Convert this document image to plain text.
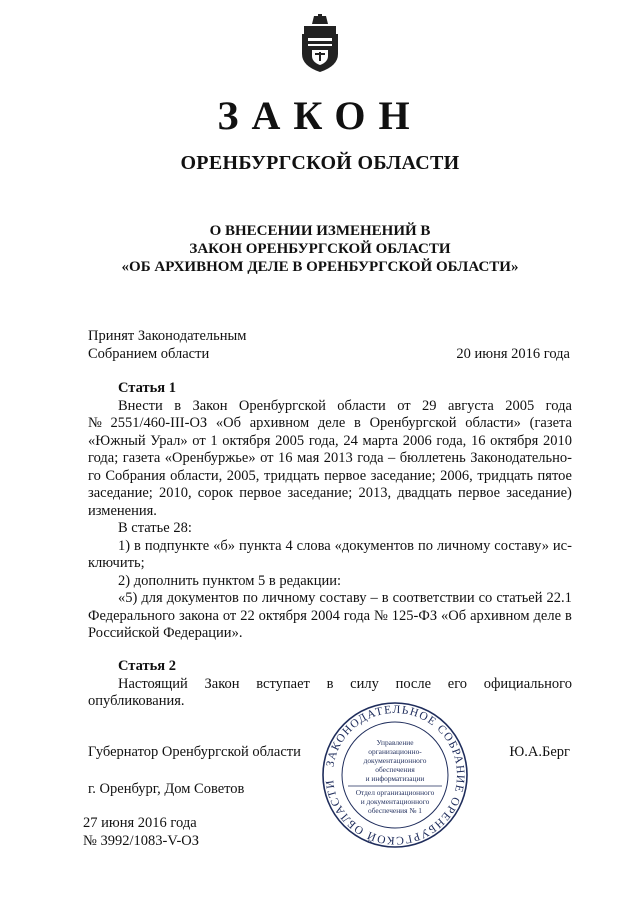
ЗАКОН
ОРЕНБУРГСКОЙ ОБЛАСТИ
О ВНЕСЕНИИ ИЗМЕНЕНИЙ В
ЗАКОН ОРЕНБУРГСКОЙ ОБЛАСТИ
«ОБ АРХИВНОМ ДЕЛЕ В ОРЕНБУРГСКОЙ ОБЛАСТИ»
Принят Законодательным
Собранием области	20 июня 2016 года
Статья 1
Внести в Закон Оренбургской области от 29 августа 2005 года
№ 2551/460-III-ОЗ «Об архивном деле в Оренбургской области» (газета
«Южный Урал» от 1 октября 2005 года, 24 марта 2006 года, 16 октября 2010
года; газета «Оренбуржье» от 16 мая 2013 года – бюллетень Законодательно-
го Собрания области, 2005, тридцать первое заседание; 2006, тридцать пятое
заседание; 2010, сорок первое заседание; 2013, двадцать первое заседание)
изменения.
В статье 28:
1) в подпункте «б» пункта 4 слова «документов по личному составу» ис-
ключить;
2) дополнить пунктом 5 в редакции:
«5) для документов по личному составу – в соответствии со статьей 22.1
Федерального закона от 22 октября 2004 года № 125-ФЗ «Об архивном деле в
Российской Федерации».
Статья 2
Настоящий Закон вступает в силу после его официального
опубликования.
ЗАКОНОДАТЕЛЬНОЕ СОБРАНИЕ ОРЕНБУРГСКОЙ ОБЛАСТИ
Управление
организационно-
документационного
обеспечения
и информатизации
Отдел организационного
и документационного
обеспечения № 1
Губернатор Оренбургской области	Ю.А.Берг
г. Оренбург, Дом Советов
27 июня 2016 года
№ 3992/1083-V-ОЗ
